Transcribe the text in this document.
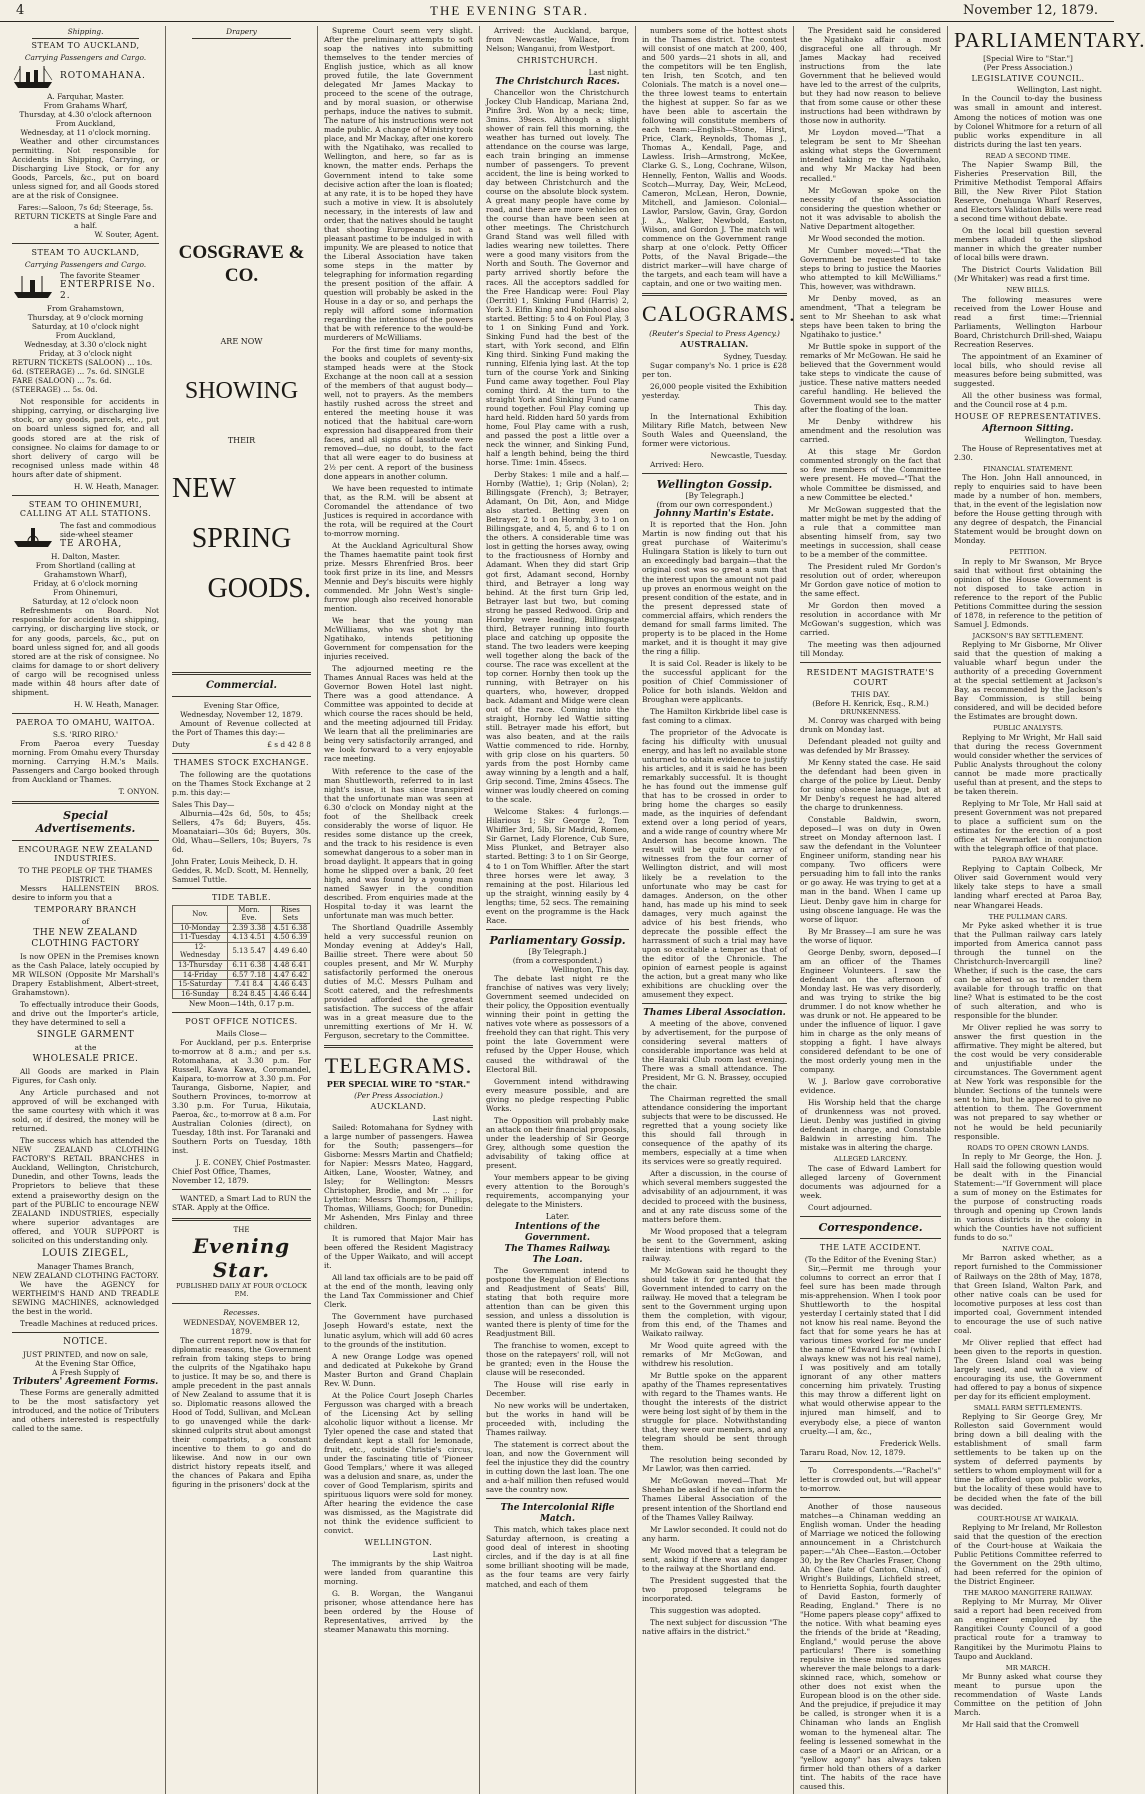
4	THE EVENING STAR.	November 12, 1879.
Shipping.
STEAM TO AUCKLAND,
Carrying Passengers and Cargo.
ROTOMAHANA.
A. Farquhar, Master.
From Grahams Wharf,
Thursday, at 4.30 o'clock afternoon
From Auckland,
Wednesday, at 11 o'clock morning.

Weather and other circumstances permitting. Not responsible for Accidents in Shipping, Carrying, or Discharging Live Stock, or for any Goods, Parcels, &c., put on board unless signed for, and all Goods stored are at the risk of Consignee.

Fares:—Saloon, 7s 6d; Steerage, 5s.
RETURN TICKETS at Single Fare and a half.
W. Souter, Agent.
STEAM TO AUCKLAND,
Carrying Passengers and Cargo.
The favorite Steamer
ENTERPRISE No. 2.
From Grahamstown,
Thursday, at 9 o'clock morning
Saturday, at 10 o'clock night
From Auckland,
Wednesday, at 3.30 o'clock night
Friday, at 3 o'clock night

RETURN TICKETS (SALOON) ... 10s. 6d. (STEERAGE) ... 7s. 6d. SINGLE FARE (SALOON) ... 7s. 6d. (STEERAGE) ... 5s. 0d.

Not responsible for accidents in shipping, carrying, or discharging live stock, or any goods, parcels, etc., put on board unless signed for, and all goods stored are at the risk of consignee. No claims for damage to or short delivery of cargo will be recognised unless made within 48 hours after date of shipment.

H. W. Heath, Manager.
STEAM TO OHINEMURI, CALLING AT ALL STATIONS.
The fast and commodious side-wheel steamer
TE AROHA,
H. Dalton, Master.
From Shortland (calling at Grahamstown Wharf),
Friday, at 6 o'clock morning
From Ohinemuri,
Saturday, at 12 o'clock noon

Refreshments on Board. Not responsible for accidents in shipping, carrying, or discharging live stock, or for any goods, parcels, &c., put on board unless signed for, and all goods stored are at the risk of consignee. No claims for damage to or short delivery of cargo will be recognised unless made within 48 hours after date of shipment.

H. W. Heath, Manager.
PAEROA TO OMAHU, WAITOA.
S.S. 'RIRO RIRO.'

From Paeroa every Tuesday morning. From Omahu every Thursday morning. Carrying H.M.'s Mails. Passengers and Cargo booked through from Auckland or Thames.

T. ONYON.
Special Advertisements.
ENCOURAGE NEW ZEALAND INDUSTRIES.
TO THE PEOPLE OF THE THAMES DISTRICT.

Messrs HALLENSTEIN BROS. desire to inform you that a

TEMPORARY BRANCH
of
THE NEW ZEALAND CLOTHING FACTORY

Is now OPEN in the Premises known as the Cash Palace, lately occupied by MR WILSON (Opposite Mr Marshall's Drapery Establishment, Albert-street, Grahamstown).

To effectually introduce their Goods, and drive out the Importer's article, they have determined to sell a

SINGLE GARMENT
at the
WHOLESALE PRICE.

All Goods are marked in Plain Figures, for Cash only.

Any Article purchased and not approved of will be exchanged with the same courtesy with which it was sold, or, if desired, the money will be returned.

The success which has attended the NEW ZEALAND CLOTHING FACTORY'S RETAIL BRANCHES in Auckland, Wellington, Christchurch, Dunedin, and other Towns, leads the Proprietors to believe that these extend a praiseworthy design on the part of the PUBLIC to encourage NEW ZEALAND INDUSTRIES, especially where superior advantages are offered, and YOUR SUPPORT is solicited on this understanding only.

LOUIS ZIEGEL,
Manager Thames Branch,
NEW ZEALAND CLOTHING FACTORY.

We have the AGENCY for WERTHEIM'S HAND AND TREADLE SEWING MACHINES, acknowledged the best in the world.

Treadle Machines at reduced prices.

NOTICE.
JUST PRINTED, and now on sale,
At the Evening Star Office,
A Fresh Supply of
Tributers' Agreement Forms.

These Forms are generally admitted to be the most satisfactory yet introduced, and the notice of Tributers and others interested is respectfully called to the same.

Drapery
COSGRAVE & CO.
ARE NOW
SHOWING
THEIR
NEW
SPRING
GOODS.
Commercial.
Evening Star Office,
Wednesday, November 12, 1879.

Amount of Revenue collected at the Port of Thames this day:—

Duty	£ s d 42 8 8
THAMES STOCK EXCHANGE.

The following are the quotations on the Thames Stock Exchange at 2 p.m. this day:—

Sales This Day—

Alburnia—42s 6d, 50s, to 45s; Sellers, 47s 6d; Buyers, 45s. Moanataiari—30s 6d; Buyers, 30s. Old, Whau—Sellers, 10s; Buyers, 7s 6d.

John Frater, Louis Meiheck, D. H. Geddes, R. McD. Scott, M. Hennelly, Samuel Tuttle.

TIDE TABLE.
Nov.	Morn. Eve.	Rises Sets
10-Monday	2.39 3.38	4.51 6.38
11-Tuesday	4.13 4.51	4.50 6.39
12-Wednesday	5.13 5.47	4.49 6.40
13-Thursday	6.11 6.38	4.48 6.41
14-Friday	6.57 7.18	4.47 6.42
15-Saturday	7.41 8.4	4.46 6.43
16-Sunday	8.24 8.45	4.46 6.44
New Moon—14th, 0.17 p.m.
POST OFFICE NOTICES.
Mails Close—

For Auckland, per p.s. Enterprise to-morrow at 8 a.m.; and per s.s. Rotomahana, at 3.30 p.m. For Russell, Kawa Kawa, Coromandel, Kaipara, to-morrow at 3.30 p.m. For Tauranga, Gisborne, Napier, and Southern Provinces, to-morrow at 3.30 p.m. For Turua, Hikutaia, Paeroa, &c., to-morrow at 8 a.m. For Australian Colonies (direct), on Tuesday, 18th inst. For Taranaki and Southern Ports on Tuesday, 18th inst.

J. E. CONEY, Chief Postmaster.
Chief Post Office, Thames, November 12, 1879.

WANTED, a Smart Lad to RUN the STAR. Apply at the Office.

THE
Evening Star.
PUBLISHED DAILY AT FOUR O'CLOCK P.M.
Recesses.
WEDNESDAY, NOVEMBER 12, 1879.

The current report now is that for diplomatic reasons, the Government refrain from taking steps to bring the culprits of the Ngatihako hapu to justice. It may be so, and there is ample precedent in the past annals of New Zealand to assume that it is so. Diplomatic reasons allowed the Hood of Todd, Sullivan, and McLean to go unavenged while the dark-skinned culprits strut about amongst their compatriots, a constant incentive to them to go and do likewise. And now in our own district history repeats itself, and the chances of Pakara and Epiha figuring in the prisoners' dock at the

Supreme Court seem very slight. After the preliminary attempts to soft soap the natives into submitting themselves to the tender mercies of English justice, which as all know proved futile, the late Government delegated Mr James Mackay to proceed to the scene of the outrage, and by moral suasion, or otherwise perhaps, induce the natives to submit. The nature of his instructions were not made public. A change of Ministry took place, and Mr Mackay, after one korero with the Ngatihako, was recalled to Wellington, and here, so far as is known, the matter ends. Perhaps the Government intend to take some decisive action after the loan is floated; at any rate, it is to be hoped they have such a motive in view. It is absolutely necessary, in the interests of law and order, that the natives should be taught that shooting Europeans is not a pleasant pastime to be indulged in with impunity. We are pleased to notice that the Liberal Association have taken some steps in the matter by telegraphing for information regarding the present position of the affair. A question will probably be asked in the House in a day or so, and perhaps the reply will afford some information regarding the intentions of the powers that be with reference to the would-be murderers of McWilliams.

For the first time for many months, the books and couplets of seventy-six stamped heads were at the Stock Exchange at the noon call at a session of the members of that august body—well, not to prayers. As the members hastily rushed across the street and entered the meeting house it was noticed that the habitual care-worn expression had disappeared from their faces, and all signs of lassitude were removed—due, no doubt, to the fact that all were eager to do business at 2½ per cent. A report of the business done appears in another column.

We have been requested to intimate that, as the R.M. will be absent at Coromandel the attendance of two Justices is required in accordance with the rota, will be required at the Court to-morrow morning.

At the Auckland Agricultural Show the Thames haematite paint took first prize. Messrs Ehrenfried Bros. beer took first prize in its line, and Messrs Mennie and Dey's biscuits were highly commended. Mr John West's single-furrow plough also received honorable mention.

We hear that the young man McWilliams, who was shot by the Ngatihako, intends petitioning Government for compensation for the injuries received.

The adjourned meeting re the Thames Annual Races was held at the Governor Bowen Hotel last night. There was a good attendance. A Committee was appointed to decide at which course the races should be held, and the meeting adjourned till Friday. We learn that all the preliminaries are being very satisfactorily arranged, and we look forward to a very enjoyable race meeting.

With reference to the case of the man Shuttleworth, referred to in last night's issue, it has since transpired that the unfortunate man was seen at 6.30 o'clock on Monday night at the foot of the Shellback creek considerably the worse of liquor. He resides some distance up the creek, and the track to his residence is even somewhat dangerous to a sober man in broad daylight. It appears that in going home he slipped over a bank, 20 feet high, and was found by a young man named Sawyer in the condition described. From enquiries made at the Hospital to-day it was learnt the unfortunate man was much better.

The Shortland Quadrille Assembly held a very successful reunion on Monday evening at Addey's Hall, Baillie street. There were about 50 couples present, and Mr W. Murphy satisfactorily performed the onerous duties of M.C. Messrs Pulham and Scott catered, and the refreshments provided afforded the greatest satisfaction. The success of the affair was in a great measure due to the unremitting exertions of Mr H. W. Ferguson, secretary to the Committee.

TELEGRAMS.
PER SPECIAL WIRE TO "STAR."
(Per Press Association.)
AUCKLAND.
Last night.

Sailed: Rotomahana for Sydney with a large number of passengers. Hawea for the South; passengers—for Gisborne: Messrs Martin and Chatfield; for Napier: Messrs Mateo, Haggard, Aitken, Lane, Wooster, Watney, and Isley; for Wellington: Messrs Christopher, Brodie, and Mr ... ; for Lyttelton: Messrs Thompson, Phillips, Thomas, Williams, Gooch; for Dunedin: Mr Ashenden, Mrs Finlay and three children.

It is rumored that Major Mair has been offered the Resident Magistracy of the Upper Waikato, and will accept it.

All land tax officials are to be paid off at the end of the month, leaving only the Land Tax Commissioner and Chief Clerk.

The Government have purchased Joseph Howard's estate, next the lunatic asylum, which will add 60 acres to the grounds of the institution.

A new Orange Lodge was opened and dedicated at Pukekohe by Grand Master Burton and Grand Chaplain Rev. W. Dunn.

At the Police Court Joseph Charles Fergusson was charged with a breach of the Licensing Act by selling alcoholic liquor without a license. Mr Tyler opened the case and stated that defendant kept a stall for lemonade, fruit, etc., outside Christie's circus, under the fascinating title of 'Pioneer Good Templars,' where it was alleged was a delusion and snare, as, under the cover of Good Templarism, spirits and spirituous liquors were sold for money. After hearing the evidence the case was dismissed, as the Magistrate did not think the evidence sufficient to convict.

WELLINGTON.
Last night.

The immigrants by the ship Waitroa were landed from quarantine this morning.

G. B. Worgan, the Wanganui prisoner, whose attendance here has been ordered by the House of Representatives, arrived by the steamer Manawatu this morning.

Arrived: the Auckland, barque, from Newcastle; Wallace, from Nelson; Wanganui, from Westport.

CHRISTCHURCH.
Last night.
The Christchurch Races.

Chancellor won the Christchurch Jockey Club Handicap, Mariana 2nd, Pinfire 3rd. Won by a neck; time, 3mins. 39secs. Although a slight shower of rain fell this morning, the weather has turned out lovely. The attendance on the course was large, each train bringing an immense number of passengers. To prevent accident, the line is being worked to day between Christchurch and the course on the absolute block system. A great many people have come by road, and there are more vehicles on the course than have been seen at other meetings. The Christchurch Grand Stand was well filled with ladies wearing new toilettes. There were a good many visitors from the North and South. The Governor and party arrived shortly before the races. All the acceptors saddled for the Free Handicap were: Foul Play (Derritt) 1, Sinking Fund (Harris) 2, York 3. Elfin King and Robinhood also started. Betting: 5 to 4 on Foul Play, 3 to 1 on Sinking Fund and York. Sinking Fund had the best of the start, with York second, and Elfin King third. Sinking Fund making the running, Elfenia lying last. At the top turn of the course York and Sinking Fund came away together. Foul Play coming third. At the turn to the straight York and Sinking Fund came round together. Foul Play coming up hard held. Ridden hard 50 yards from home, Foul Play came with a rush, and passed the post a little over a neck the winner, and Sinking Fund, half a length behind, being the third horse. Time: 1min. 45secs.

Derby Stakes: 1 mile and a half.—Hornby (Wattie), 1; Grip (Nolan), 2; Billingsgate (French), 3; Betrayer, Adamant, On Dit, Aon, and Midge also started. Betting even on Betrayer, 2 to 1 on Hornby, 3 to 1 on Billingsgate, and 4, 5, and 6 to 1 on the others. A considerable time was lost in getting the horses away, owing to the fractiousness of Hornby and Adamant. When they did start Grip got first, Adamant second, Hornby third, and Betrayer a long way behind. At the first turn Grip led, Betrayer last but two, but coming strong he passed Redwood. Grip and Hornby were leading, Billingsgate third, Betrayer running into fourth place and catching up opposite the stand. The two leaders were keeping well together along the back of the course. The race was excellent at the top corner. Hornby then took up the running, with Betrayer on his quarters, who, however, dropped back. Adamant and Midge were clean out of the race. Coming into the straight, Hornby led Wattie sitting still. Betrayer made his effort, but was also beaten, and at the rails Wattie commenced to ride. Hornby, with grip close on his quarters. 50 yards from the post Hornby came away winning by a length and a half, Grip second. Time, 2mins 45secs. The winner was loudly cheered on coming to the scale.

Welcome Stakes: 4 furlongs.—Hilarious 1; Sir George 2, Tom Whiffler 3rd, 5lb, Sir Madrid, Romeo, Sir Garnet, Lady Florence, Cub Sure, Miss Plunket, and Betrayer also started. Betting: 3 to 1 on Sir George, 4 to 1 on Tom Whiffler. After the start three horses were let away, 3 remaining at the post. Hilarious led up the straight, winning easily by 4 lengths; time, 52 secs. The remaining event on the programme is the Hack Race.

Parliamentary Gossip.
[By Telegraph.]
(from a correspondent.)
Wellington, This day.

The debate last night re the franchise of natives was very lively; Government seemed undecided on their policy, the Opposition eventually winning their point in getting the natives vote where as possessors of a freehold they can that right. This very point the late Government were refused by the Upper House, which caused the withdrawal of the Electoral Bill.

Government intend withdrawing every measure possible, and are giving no pledge respecting Public Works.

The Opposition will probably make an attack on their financial proposals, under the leadership of Sir George Grey, although some question the advisability of taking office at present.

Your members appear to be giving every attention to the Borough's requirements, accompanying your delegate to the Ministers.

Later.
Intentions of the Government.
The Thames Railway.
The Loan.

The Government intend to postpone the Regulation of Elections and Readjustment of Seats' Bill, stating that both require more attention than can be given this session, and unless a dissolution is wanted there is plenty of time for the Readjustment Bill.

The franchise to women, except to those on the ratepayers' roll, will not be granted; even in the House the clause will be reseconded.

The House will rise early in December.

No new works will be undertaken, but the works in hand will be proceeded with, including the Thames railway.

The statement is correct about the loan, and now the Government will feel the injustice they did the country in cutting down the last loan. The one and a-half million then refused would save the country now.

The Intercolonial Rifle Match.

This match, which takes place next Saturday afternoon, is creating a good deal of interest in shooting circles, and if the day is at all fine some brilliant shooting will be made, as the four teams are very fairly matched, and each of them

numbers some of the hottest shots in the Thames district. The contest will consist of one match at 200, 400, and 500 yards—21 shots in all, and the competitors will be ten English, ten Irish, ten Scotch, and ten Colonials. The match is a novel one—the three lowest teams to entertain the highest at supper. So far as we have been able to ascertain the following will constitute members of each team:—English—Stone, Hirst, Price, Clark, Reynolds, Thomas J., Thomas A., Kendall, Page, and Lawless. Irish—Armstrong, McKee, Clarke G. S., Long, Cochrane, Wilson, Hennelly, Fenton, Wallis and Woods. Scotch—Murray, Day, Weir, McLeod, Cameron, McLean, Heron, Downie, Mitchell, and Jamieson. Colonial—Lawlor, Parslow, Gavin, Gray, Gordon J. A., Walker, Newbold, Easton, Wilson, and Gordon J. The match will commence on the Government range sharp at one o'clock. Petty Officer Potts, of the Naval Brigade—the district marker—will have charge of the targets, and each team will have a captain, and one or two waiting men.

CALOGRAMS.
(Reuter's Special to Press Agency.)
AUSTRALIAN.
Sydney, Tuesday.

Sugar company's No. 1 price is £28 per ton.

26,000 people visited the Exhibition yesterday.

This day.

In the International Exhibition Military Rifle Match, between New South Wales and Queensland, the former were victorious.

Newcastle, Tuesday.

Arrived: Hero.

Wellington Gossip.
[By Telegraph.]
(from our own correspondent.)
Johnny Martin's Estate.

It is reported that the Hon. John Martin is now finding out that his great purchase of Waiterimu's Hulingara Station is likely to turn out an exceedingly bad bargain—that the original cost was so great a sum that the interest upon the amount not paid up proves an enormous weight on the present condition of the estate, and in the present depressed state of commercial affairs, which renders the demand for small farms limited. The property is to be placed in the Home market, and it is thought it may give the ring a fillip.

It is said Col. Reader is likely to be the successful applicant for the position of Chief Commissioner of Police for both islands. Weldon and Broughan were applicants.

The Hamilton Kirkbride libel case is fast coming to a climax.

The proprietor of the Advocate is facing his difficulty with unusual energy, and has left no available stone unturned to obtain evidence to justify his articles, and it is said he has been remarkably successful. It is thought he has found out the immense gulf that has to be crossed in order to bring home the charges so easily made, as the inquiries of defendant extend over a long period of years, and a wide range of country where Mr Anderson has become known. The result will be quite an array of witnesses from the four corner of Wellington district, and will most likely be a revelation to the unfortunate who may be cast for damages. Anderson, on the other hand, has made up his mind to seek damages, very much against the advice of his best friends, who deprecate the possible effect the harrassment of such a trial may have upon so excitable a temper as that of the editor of the Chronicle. The opinion of earnest people is against the action, but a great many who like exhibitions are chuckling over the amusement they expect.

Thames Liberal Association.

A meeting of the above, convened by advertisement, for the purpose of considering several matters of considerable importance was held at the Hauraki Club room last evening. There was a small attendance. The President, Mr G. N. Brassey, occupied the chair.

The Chairman regretted the small attendance considering the important subjects that were to be discussed. He regretted that a young society like this should fall through in consequence of the apathy of its members, especially at a time when its services were so greatly required.

After a discussion, in the course of which several members suggested the advisability of an adjournment, it was decided to proceed with the business, and at any rate discuss some of the matters before them.

Mr Wood proposed that a telegram be sent to the Government, asking their intentions with regard to the railway.

Mr McGowan said he thought they should take it for granted that the Government intended to carry on the railway. He moved that a telegram be sent to the Government urging upon them the completion, with vigour, from this end, of the Thames and Waikato railway.

Mr Wood quite agreed with the remarks of Mr McGowan, and withdrew his resolution.

Mr Buttle spoke on the apparent apathy of the Thames representatives with regard to the Thames wants. He thought the interests of the district were being lost sight of by them in the struggle for place. Notwithstanding that, they were our members, and any telegram should be sent through them.

The resolution being seconded by Mr Lawlor, was then carried.

Mr McGowan moved—That Mr Sheehan be asked if he can inform the Thames Liberal Association of the present intention of the Shortland end of the Thames Valley Railway.

Mr Lawlor seconded. It could not do any harm.

Mr Wood moved that a telegram be sent, asking if there was any danger to the railway at the Shortland end.

The President suggested that the two proposed telegrams be incorporated.

This suggestion was adopted.

The next subject for discussion "The native affairs in the district."

The President said he considered the Ngatihako affair a most disgraceful one all through. Mr James Mackay had received instructions from the late Government that he believed would have led to the arrest of the culprits, but they had now reason to believe that from some cause or other these instructions had been withdrawn by those now in authority.

Mr Loydon moved—"That a telegram be sent to Mr Sheehan asking what steps the Government intended taking re the Ngatihako, and why Mr Mackay had been recalled."

Mr McGowan spoke on the necessity of the Association considering the question whether or not it was advisable to abolish the Native Department altogether.

Mr Wood seconded the motion.

Mr Cumber moved:—"That the Government be requested to take steps to bring to justice the Maories who attempted to kill McWilliams." This, however, was withdrawn.

Mr Denby moved, as an amendment, "That a telegram be sent to Mr Sheehan to ask what steps have been taken to bring the Ngatihako to justice."

Mr Buttle spoke in support of the remarks of Mr McGowan. He said he believed that the Government would take steps to vindicate the cause of justice. These native matters needed careful handling. He believed the Government would see to the matter after the floating of the loan.

Mr Denby withdrew his amendment and the resolution was carried.

At this stage Mr Gordon commented strongly on the fact that so few members of the Committee were present. He moved—"That the whole Committee be dismissed, and a new Committee be elected."

Mr McGowan suggested that the matter might be met by the adding of a rule that a committee man absenting himself from, say two meetings in succession, shall cease to be a member of the committee.

The President ruled Mr Gordon's resolution out of order, whereupon Mr Gordon gave notice of motion to the same effect.

Mr Gordon then moved a resolution in accordance with Mr McGowan's suggestion, which was carried.

The meeting was then adjourned till Monday.

RESIDENT MAGISTRATE'S COURT
THIS DAY.
(Before H. Kenrick, Esq., R.M.)
DRUNKENNESS.

M. Conroy was charged with being drunk on Monday last.

Defendant pleaded not guilty and was defended by Mr Brassey.

Mr Kenny stated the case. He said the defendant had been given in charge of the police by Lieut. Denby for using obscene language, but at Mr Denby's request he had altered the charge to drunkenness.

Constable Baldwin, sworn, deposed—I was on duty in Owen street on Monday afternoon last. I saw the defendant in the Volunteer Engineer uniform, standing near his company. Two officers were persuading him to fall into the ranks or go away. He was trying to get at a man in the band. When I came up Lieut. Denby gave him in charge for using obscene language. He was the worse of liquor.

By Mr Brassey—I am sure he was the worse of liquor.

George Denby, sworn, deposed—I am an officer of the Thames Engineer Volunteers. I saw the defendant on the afternoon of Monday last. He was very disorderly, and was trying to strike the big drummer. I do not know whether he was drunk or not. He appeared to be under the influence of liquor. I gave him in charge as the only means of stopping a fight. I have always considered defendant to be one of the most orderly young men in the company.

W. J. Barlow gave corroborative evidence.

His Worship held that the charge of drunkenness was not proved. Lieut. Denby was justified in giving defendant in charge, and Constable Baldwin in arresting him. The mistake was in altering the charge.

ALLEGED LARCENY.

The case of Edward Lambert for alleged larceny of Government documents was adjourned for a week.

Court adjourned.

Correspondence.
THE LATE ACCIDENT.
(To the Editor of the Evening Star.)

Sir,—Permit me through your columns to correct an error that I feel sure has been made through mis-apprehension. When I took poor Shuttleworth to the hospital yesterday I certainly stated that I did not know his real name. Beyond the fact that for some years he has at various times worked for me under the name of "Edward Lewis" (which I always knew was not his real name), I was positively and am totally ignorant of any other matters concerning him privately. Trusting this may throw a different light on what would otherwise appear to the injured man himself, and to everybody else, a piece of wanton cruelty.—I am, &c.,

Frederick Wells.
Tararu Road, Nov. 12, 1879.

To Correspondents.—"Rachel's" letter is crowded out, but will appear to-morrow.

Another of those nauseous matches—a Chinaman wedding an English woman. Under the heading of Marriage we noticed the following announcement in a Christchurch paper:—"Ah Chee—Easton.—October 30, by the Rev Charles Fraser, Chong Ah Chee (late of Canton, China), of Wright's Buildings, Lichfield street, to Henrietta Sophia, fourth daughter of David Easton, formerly of Reading, England." There is no "Home papers please copy" affixed to the notice. With what beaming eyes the friends of the bride at "Reading, England," would peruse the above particulars! There is something repulsive in these mixed marriages wherever the male belongs to a dark-skinned race, which, somehow or other does not exist when the European blood is on the other side. And the prejudice, if prejudice it may be called, is stronger when it is a Chinaman who lands an English woman to the hymeneal altar. The feeling is lessened somewhat in the case of a Maori or an African, or a "yellow agony" has always taken firmer hold than others of a darker tint. The habits of the race have caused this.

PARLIAMENTARY.
[Special Wire to "Star."]
(Per Press Association.)
LEGISLATIVE COUNCIL.
Wellington, Last night.

In the Council to-day the business was small in amount and interest. Among the notices of motion was one by Colonel Whitmore for a return of all public works expenditure in all districts during the last ten years.

READ A SECOND TIME.

The Napier Swamp Bill, the Fisheries Preservation Bill, the Primitive Methodist Temporal Affairs Bill, the New River Pilot Station Reserve, Onehunga Wharf Reserves, and Electors Validation Bills were read a second time without debate.

On the local bill question several members alluded to the slipshod manner in which the greater number of local bills were drawn.

The District Courts Validation Bill (Mr Whitaker) was read a first time.

NEW BILLS.

The following measures were received from the Lower House and read a first time:—Triennial Parliaments, Wellington Harbour Board, Christchurch Drill-shed, Waiapu Recreation Reserves.

The appointment of an Examiner of local bills, who should revise all measures before being submitted, was suggested.

All the other business was formal, and the Council rose at 4 p.m.

HOUSE OF REPRESENTATIVES.
Afternoon Sitting.
Wellington, Tuesday.

The House of Representatives met at 2.30.

FINANCIAL STATEMENT.

The Hon. John Hall announced, in reply to enquiries said to have been made by a number of hon. members, that, in the event of the legislation now before the House getting through with any degree of despatch, the Financial Statement would be brought down on Monday.

PETITION.

In reply to Mr Swanson, Mr Bryce said that without first obtaining the opinion of the House Government is not disposed to take action in reference to the report of the Public Petitions Committee during the session of 1878, in reference to the petition of Samuel J. Edmonds.

JACKSON'S BAY SETTLEMENT.

Replying to Mr Gisborne, Mr Oliver said that the question of making a valuable wharf begun under the authority of a preceding Government at the special settlement at Jackson's Bay, as recommended by the Jackson's Bay Commission, is still being considered, and will be decided before the Estimates are brought down.

PUBLIC ANALYSTS.

Replying to Mr Wright, Mr Hall said that during the recess Government would consider whether the services of Public Analysts throughout the colony cannot be made more practically useful than at present, and the steps to be taken therein.

Replying to Mr Tole, Mr Hall said at present Government was not prepared to place a sufficient sum on the estimates for the erection of a post office at Newmarket in conjunction with the telegraph office of that place.

PAROA BAY WHARF.

Replying to Captain Colbeck, Mr Oliver said Government would very likely take steps to have a small landing wharf erected at Paroa Bay, near Whangarei Heads.

THE PULLMAN CARS.

Mr Pyke asked whether it is true that the Pullman railway cars lately imported from America cannot pass through the tunnel on the Christchurch-Invercargill line? Whether, if such is the case, the cars can be altered so as to render them available for through traffic on that line? What is estimated to be the cost of such alteration, and who is responsible for the blunder.

Mr Oliver replied he was sorry to answer the first question in the affirmative. They might be altered, but the cost would be very considerable and unjustifiable under the circumstances. The Government agent at New York was responsible for the blunder. Sections of the tunnels were sent to him, but he appeared to give no attention to them. The Government was not prepared to say whether or not he would be held pecuniarily responsible.

ROADS TO OPEN CROWN LANDS.

In reply to Mr George, the Hon. J. Hall said the following question would be dealt with in the Financial Statement:—"If Government will place a sum of money on the Estimates for the purpose of constructing roads through and opening up Crown lands in various districts in the colony in which the Counties have not sufficient funds to do so."

NATIVE COAL.

Mr Barron asked whether, as a report furnished to the Commissioner of Railways on the 28th of May, 1878, that Green Island, Walton Park, and other native coals can be used for locomotive purposes at less cost than imported coal, Government intended to encourage the use of such native coal.

Mr Oliver replied that effect had been given to the reports in question. The Green Island coal was being largely used, and with a view of encouraging its use, the Government had offered to pay a bonus of sixpence per day for its efficient employment.

SMALL FARM SETTLEMENTS.

Replying to Sir George Grey, Mr Rolleston said Government would bring down a bill dealing with the establishment of small farm settlements to be taken up on the system of deferred payments by settlers to whom employment will for a time be afforded upon public works, but the locality of these would have to be decided when the fate of the bill was decided.

COURT-HOUSE AT WAIKAIA.

Replying to Mr Ireland, Mr Rolleston said that the question of the erection of the Court-house at Waikaia the Public Petitions Committee referred to the Government on the 29th ultimo, had been referred for the opinion of the District Engineer.

THE MAROO MANGITERE RAILWAY.

Replying to Mr Murray, Mr Oliver said a report had been received from an engineer employed by the Rangitikei County Council of a good practical route for a tramway to Rangitikei by the Murimotu Plains to Taupo and Auckland.

MR MARCH.

Mr Bunny asked what course they meant to pursue upon the recommendation of Waste Lands Committee on the petition of John March.

Mr Hall said that the Cromwell
